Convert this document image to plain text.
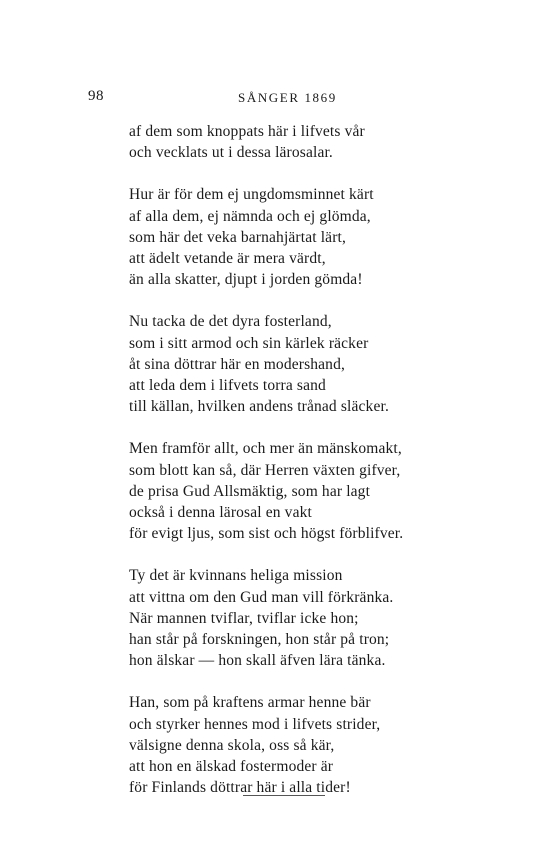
98	SÅNGER 1869
af dem som knoppats här i lifvets vår
och vecklats ut i dessa lärosalar.
Hur är för dem ej ungdomsminnet kärt
af alla dem, ej nämnda och ej glömda,
som här det veka barnahjärtat lärt,
att ädelt vetande är mera värdt,
än alla skatter, djupt i jorden gömda!
Nu tacka de det dyra fosterland,
som i sitt armod och sin kärlek räcker
åt sina döttrar här en modershand,
att leda dem i lifvets torra sand
till källan, hvilken andens trånad släcker.
Men framför allt, och mer än mänskomakt,
som blott kan så, där Herren växten gifver,
de prisa Gud Allsmäktig, som har lagt
också i denna lärosal en vakt
för evigt ljus, som sist och högst förblifver.
Ty det är kvinnans heliga mission
att vittna om den Gud man vill förkränka.
När mannen tviflar, tviflar icke hon;
han står på forskningen, hon står på tron;
hon älskar — hon skall äfven lära tänka.
Han, som på kraftens armar henne bär
och styrker hennes mod i lifvets strider,
välsigne denna skola, oss så kär,
att hon en älskad fostermoder är
för Finlands döttrar här i alla tider!
